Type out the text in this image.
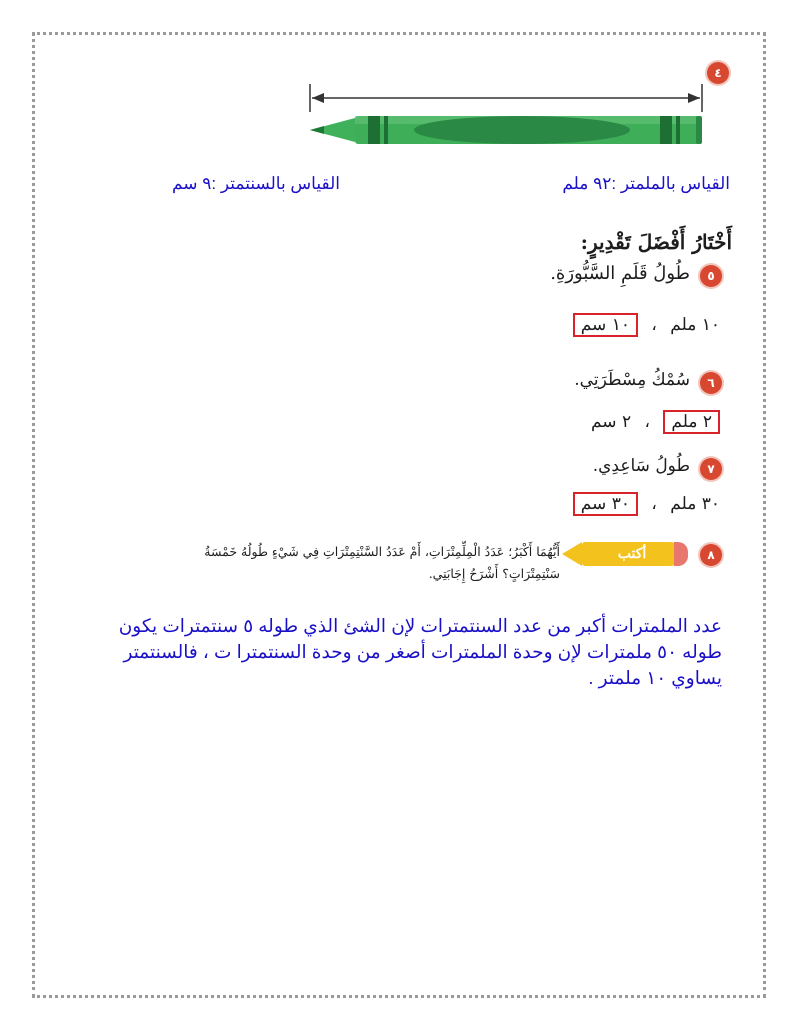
٤
القياس بالملمتر :٩٢ ملم
القياس بالسنتمتر :٩ سم
أَخْتَارُ أَفْضَلَ تَقْدِيرٍ:
٥
طُولُ قَلَمِ السَّبُّورَةِ.
١٠ ملم ، ١٠ سم
٦
سُمْكُ مِسْطَرَتِي.
٢ ملم ، ٢ سم
٧
طُولُ سَاعِدِي.
٣٠ ملم ، ٣٠ سم
٨
أكتب
أَيُّهُمَا أَكْبَرُ؛ عَدَدُ الْمِلِّمِتْرَاتِ، أَمْ عَدَدُ السَّنْتِمِتْرَاتِ فِي شَيْءٍ طُولُهُ خَمْسَةُ
سَنْتِمِتْرَاتٍ؟ أَشْرَحُ إِجَابَتِي.
عدد الملمترات أكبر من عدد السنتمترات لإن الشئ الذي طوله ٥ سنتمترات يكون طوله ٥٠ ملمترات لإن وحدة الملمترات أصغر من وحدة السنتمترا ت ، فالسنتمتر يساوي ١٠ ملمتر .
